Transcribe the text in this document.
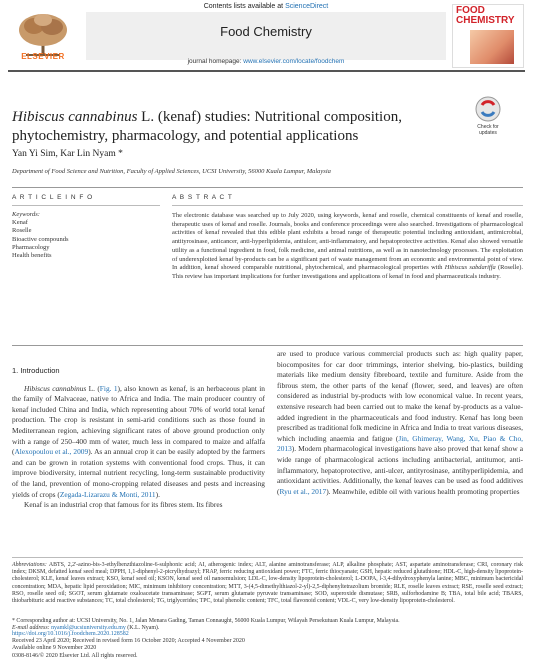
ELSEVIER
Contents lists available at ScienceDirect
Food Chemistry
journal homepage: www.elsevier.com/locate/foodchem
FOOD
CHEMISTRY
Hibiscus cannabinus L. (kenaf) studies: Nutritional composition, phytochemistry, pharmacology, and potential applications
Check for
updates
Yan Yi Sim, Kar Lin Nyam *
Department of Food Science and Nutrition, Faculty of Applied Sciences, UCSI University, 56000 Kuala Lumpur, Malaysia
A R T I C L E I N F O	A B S T R A C T
Keywords:
Kenaf
Roselle
Bioactive compounds
Pharmacology
Health benefits
The electronic database was searched up to July 2020, using keywords, kenaf and roselle, chemical constituents of kenaf and roselle, therapeutic uses of kenaf and roselle. Journals, books and conference proceedings were also searched. Investigations of pharmacological activities of kenaf revealed that this edible plant exhibits a broad range of therapeutic potential including antioxidant, antimicrobial, antityrosinase, anticancer, anti-hyperlipidemia, antiulcer, anti-inflammatory, and hepatoprotective activities. Kenaf also showed versatile utility as a functional ingredient in food, folk medicine, and animal nutritions, as well as in nanotechnology processes. The exploitation of underexploited kenaf by-products can be a significant part of waste management from an economic and environmental point of view. In addition, kenaf showed comparable nutritional, phytochemical, and pharmacological properties with Hibiscus sabdariffa (Roselle). This review has important implications for further investigations and applications of kenaf in food and pharmaceuticals industry.
1. Introduction

Hibiscus cannabinus L. (Fig. 1), also known as kenaf, is an herbaceous plant in the family of Malvaceae, native to Africa and India. The main producer country of kenaf included China and India, which representing about 70% of world total kenaf production. The crop is resistant in semi-arid conditions such as those found in Mediterranean region, achieving significant rates of above ground production only with a range of 250–400 mm of water, much less in compared to maize and alfalfa (Alexopoulou et al., 2009). As an annual crop it can be easily adopted by the farmers and can be grown in rotation systems with conventional food crops. Thus, it can improve biodiversity, internal nutrient recycling, long-term sustainable productivity of the land, prevention of mono-cropping related diseases and pests and increasing yields of crops (Zegada-Lizarazu & Monti, 2011).

Kenaf is an industrial crop that famous for its fibres stem. Its fibres

are used to produce various commercial products such as: high quality paper, biocomposites for car door trimmings, interior shelving, bio-plastics, building materials like medium density fibreboard, textile and furniture. Aside from the fibrous stem, the other parts of the kenaf (flower, seed, and leaves) are often considered as industrial by-products with low economical value. In recent years, extensive research had been carried out to make the kenaf by-products as a value-added ingredient in the pharmaceuticals and food industry. Kenaf has long been prescribed as traditional folk medicine in Africa and India to treat various diseases, which including anaemia and fatigue (Jin, Ghimeray, Wang, Xu, Piao & Cho, 2013). Modern pharmacological investigations have also proved that kenaf show a wide range of pharmacological actions including antibacterial, antitumor, anti-inflammatory, hepatoprotective, anti-ulcer, antityrosinase, antihyperlipidemia, and antioxidant activities. Additionally, the kenaf leaves can be used as food additives (Ryu et al., 2017). Meanwhile, edible oil with various health promoting properties

Abbreviations: ABTS, 2,2'-azino-bis-3-ethylbenzthiazoline-6-sulphonic acid; AI, atherogenic index; ALT, alanine aminotransferase; ALP, alkaline phosphate; AST, aspartate aminotransferase; CRI, coronary risk index; DKSM, defatted kenaf seed meal; DPPH, 1,1-diphenyl-2-picrylhydrazyl; FRAP, ferric reducing antioxidant power; FTC, ferric thiocyanate; GSH, hepatic reduced glutathione; HDL-C, high-density lipoprotein-cholesterol; KLE, kenaf leaves extract; KSO, kenaf seed oil; KSON, kenaf seed oil nanoemulsion; LDL-C, low-density lipoprotein-cholesterol; L-DOPA, l-3,4-dihydroxyphenyla lanine; MBC, minimum bactericidal concentration; MDA, hepatic lipid peroxidation; MIC, minimum inhibitory concentration; MTT, 3-(4,5-dimethylthiazol-2-yl)-2,5-diphenyltetrazolium bromide; RLE, roselle leaves extract; RSE, roselle seed extract; RSO, roselle seed oil; SGOT, serum glutamate oxaloacetate transaminase; SGPT, serum glutamate pyruvate transaminase; SOD, superoxide dismutase; SRB, sulforhodamine B; TBA, total bile acid; TBARS, thiobarbituric acid reactive substances; TC, total cholesterol; TG, triglycerides; TPC, total phenolic content; TFC, total flavonoid content; VDL-C, very low-density lipoprotein-cholesterol.
* Corresponding author at: UCSI University, No. 1, Jalan Menara Gading, Taman Connaught, 56000 Kuala Lumpur, Wilayah Persekutuan Kuala Lumpur, Malaysia.
E-mail address: nyamkl@ucsiuniversity.edu.my (K.L. Nyam).
https://doi.org/10.1016/j.foodchem.2020.128582
Received 23 April 2020; Received in revised form 16 October 2020; Accepted 4 November 2020
Available online 9 November 2020
0308-8146/© 2020 Elsevier Ltd. All rights reserved.
